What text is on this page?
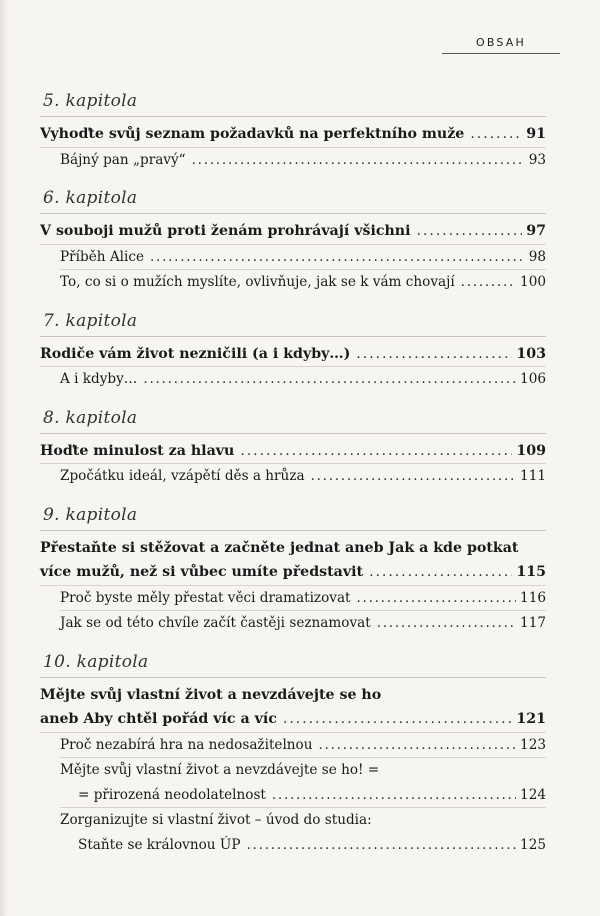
OBSAH
5. kapitola
Vyhoďte svůj seznam požadavků na perfektního muže . . .	91
Bájný pan „pravý“ . . .	93
6. kapitola
V souboji mužů proti ženám prohrávají všichni . . .	97
Příběh Alice . . .	98
To, co si o mužích myslíte, ovlivňuje, jak se k vám chovají . . .	100
7. kapitola
Rodiče vám život nezničili (a i kdyby…) . . .	103
A i kdyby… . . .	106
8. kapitola
Hoďte minulost za hlavu . . .	109
Zpočátku ideál, vzápětí děs a hrůza . . .	111
9. kapitola
Přestaňte si stěžovat a začněte jednat aneb Jak a kde potkat
více mužů, než si vůbec umíte představit . . .	115
Proč byste měly přestat věci dramatizovat . . .	116
Jak se od této chvíle začít častěji seznamovat . . .	117
10. kapitola
Mějte svůj vlastní život a nevzdávejte se ho
aneb Aby chtěl pořád víc a víc . . .	121
Proč nezabírá hra na nedosažitelnou . . .	123
Mějte svůj vlastní život a nevzdávejte se ho! =
= přirozená neodolatelnost . . .	124
Zorganizujte si vlastní život – úvod do studia:
Staňte se královnou ÚP . . .	125
